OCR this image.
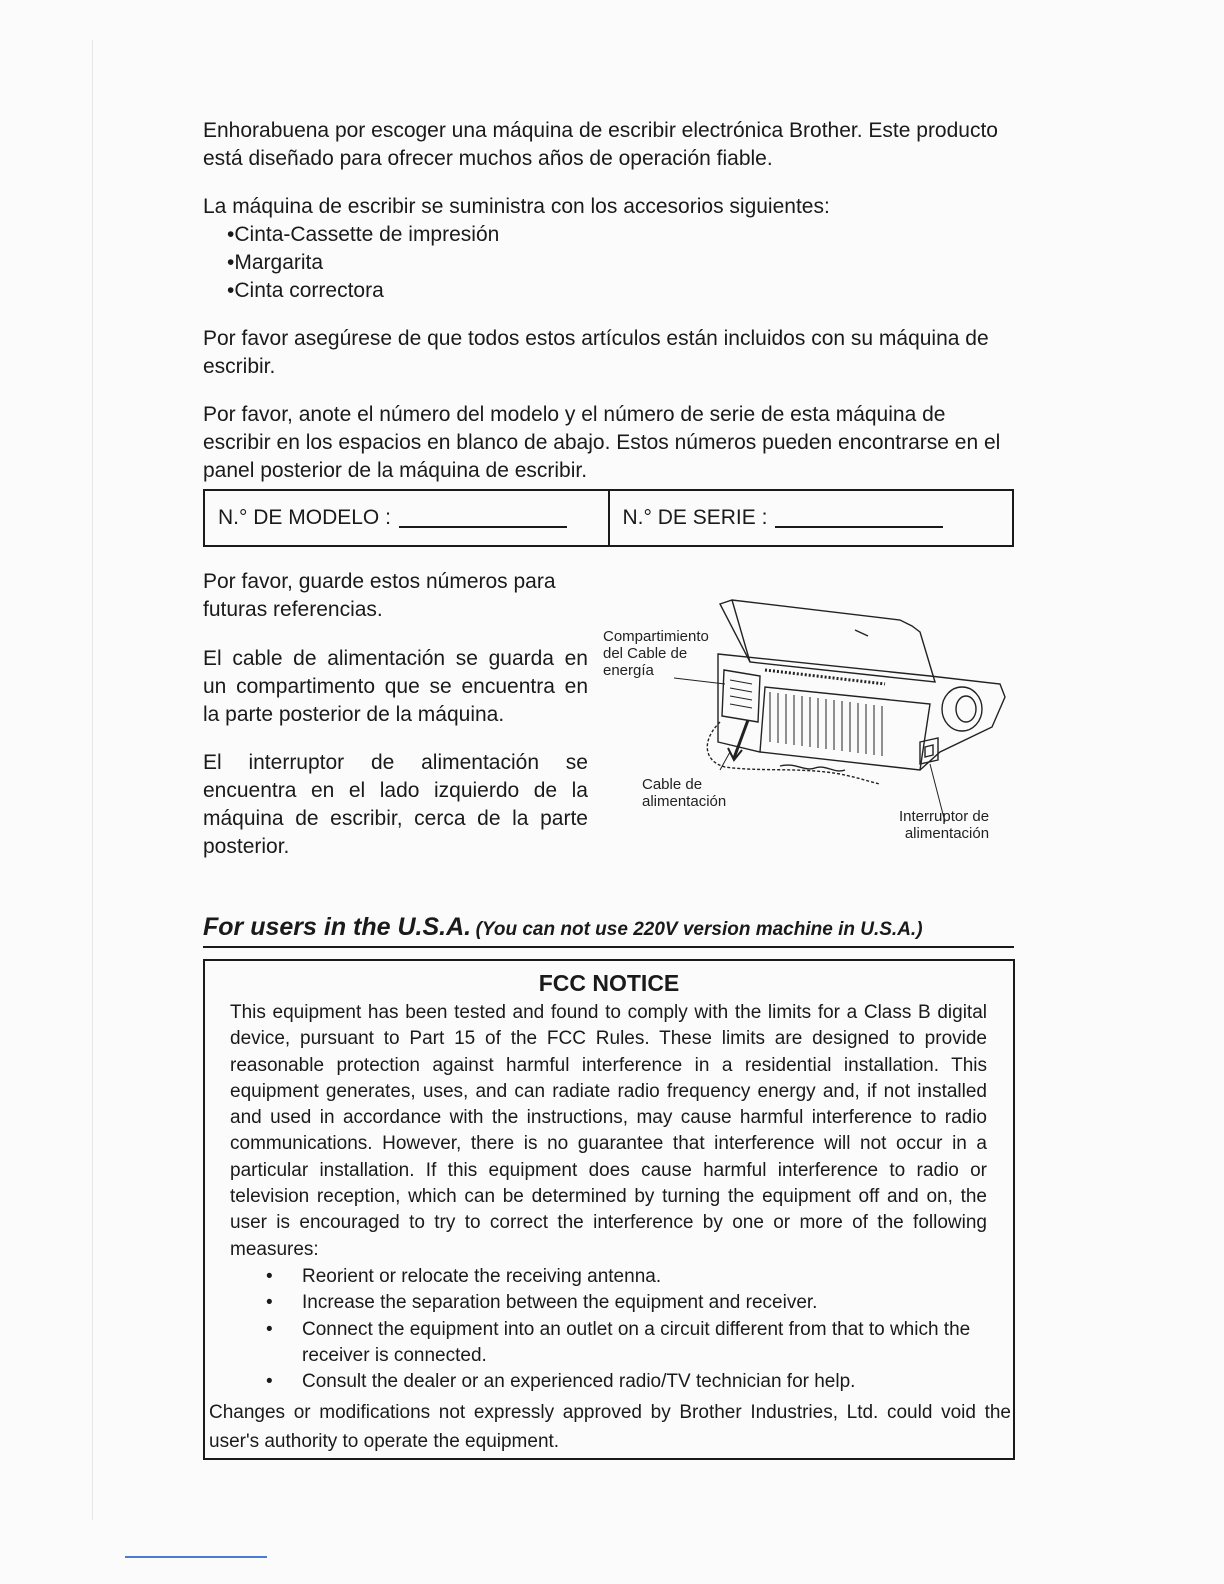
Enhorabuena por escoger una máquina de escribir electrónica Brother. Este producto está diseñado para ofrecer muchos años de operación fiable.

La máquina de escribir se suministra con los accesorios siguientes:

• Cinta-Cassette de impresión
• Margarita
• Cinta correctora

Por favor asegúrese de que todos estos artículos están incluidos con su máquina de escribir.

Por favor, anote el número del modelo y el número de serie de esta máquina de escribir en los espacios en blanco de abajo. Estos números pueden encontrarse en el panel posterior de la máquina de escribir.

N.° DE MODELO :	N.° DE SERIE :

Por favor, guarde estos números para futuras referencias.

El cable de alimentación se guarda en un compartimento que se encuentra en la parte posterior de la máquina.

El interruptor de alimentación se encuentra en el lado izquierdo de la máquina de escribir, cerca de la parte posterior.

Compartimiento
del Cable de
energía
Cable de
alimentación
Interruptor de
alimentación

For users in the U.S.A. (You can not use 220V version machine in U.S.A.)

FCC NOTICE

This equipment has been tested and found to comply with the limits for a Class B digital device, pursuant to Part 15 of the FCC Rules. These limits are designed to provide reasonable protection against harmful interference in a residential installation. This equipment generates, uses, and can radiate radio frequency energy and, if not installed and used in accordance with the instructions, may cause harmful interference to radio communications. However, there is no guarantee that interference will not occur in a particular installation. If this equipment does cause harmful interference to radio or television reception, which can be determined by turning the equipment off and on, the user is encouraged to try to correct the interference by one or more of the following measures:

• Reorient or relocate the receiving antenna.
• Increase the separation between the equipment and receiver.
• Connect the equipment into an outlet on a circuit different from that to which the receiver is connected.
• Consult the dealer or an experienced radio/TV technician for help.

Changes or modifications not expressly approved by Brother Industries, Ltd. could void the user's authority to operate the equipment.
